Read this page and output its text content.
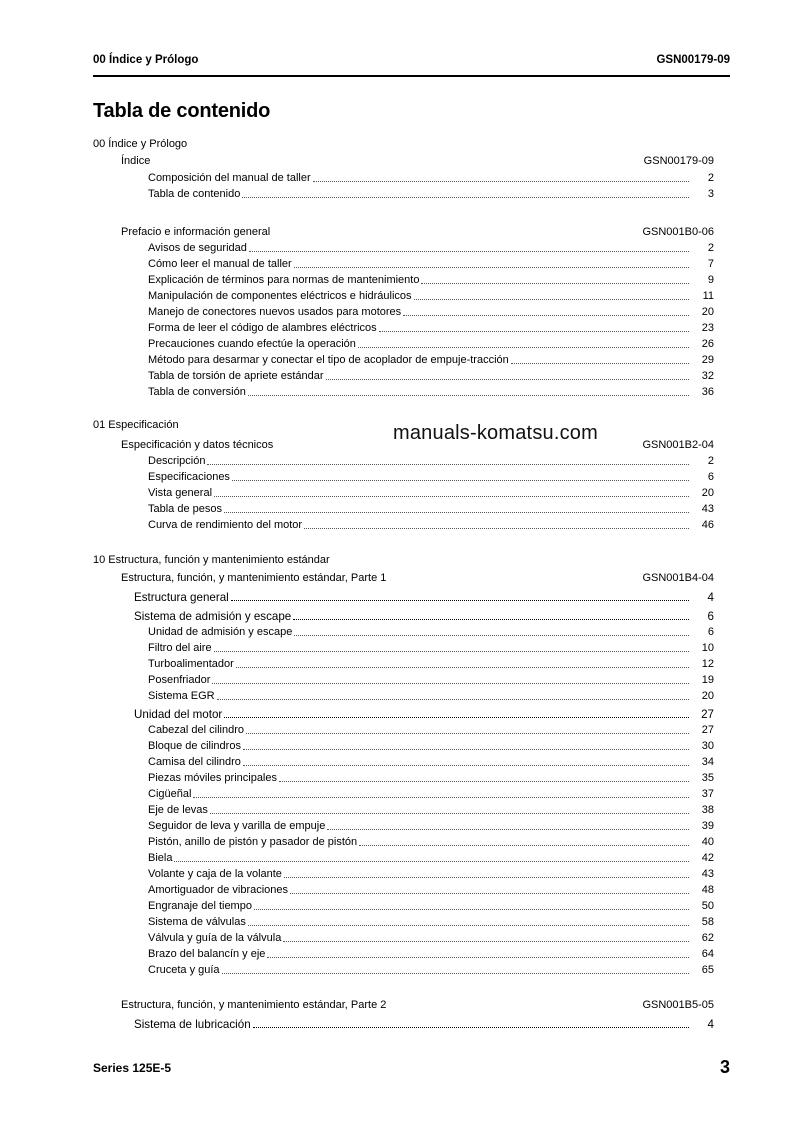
00 Índice y Prólogo	GSN00179-09
Tabla de contenido
00 Índice y Prólogo
Índice	GSN00179-09
Composición del manual de taller	2
Tabla de contenido	3
Prefacio e información general	GSN001B0-06
Avisos de seguridad	2
Cómo leer el manual de taller	7
Explicación de términos para normas de mantenimiento	9
Manipulación de componentes eléctricos e hidráulicos	11
Manejo de conectores nuevos usados para motores	20
Forma de leer el código de alambres eléctricos	23
Precauciones cuando efectúe la operación	26
Método para desarmar y conectar el tipo de acoplador de empuje-tracción	29
Tabla de torsión de apriete estándar	32
Tabla de conversión	36
01 Especificación
Especificación y datos técnicos	GSN001B2-04
Descripción	2
Especificaciones	6
Vista general	20
Tabla de pesos	43
Curva de rendimiento del motor	46
10 Estructura, función y mantenimiento estándar
Estructura, función, y mantenimiento estándar, Parte 1	GSN001B4-04
Estructura general	4
Sistema de admisión y escape	6
Unidad de admisión y escape	6
Filtro del aire	10
Turboalimentador	12
Posenfriador	19
Sistema EGR	20
Unidad del motor	27
Cabezal del cilindro	27
Bloque de cilindros	30
Camisa del cilindro	34
Piezas móviles principales	35
Cigüeñal	37
Eje de levas	38
Seguidor de leva y varilla de empuje	39
Pistón, anillo de pistón y pasador de pistón	40
Biela	42
Volante y caja de la volante	43
Amortiguador de vibraciones	48
Engranaje del tiempo	50
Sistema de válvulas	58
Válvula y guía de la válvula	62
Brazo del balancín y eje	64
Cruceta y guía	65
Estructura, función, y mantenimiento estándar, Parte 2	GSN001B5-05
Sistema de lubricación	4
manuals-komatsu.com
Series 125E-5	3
